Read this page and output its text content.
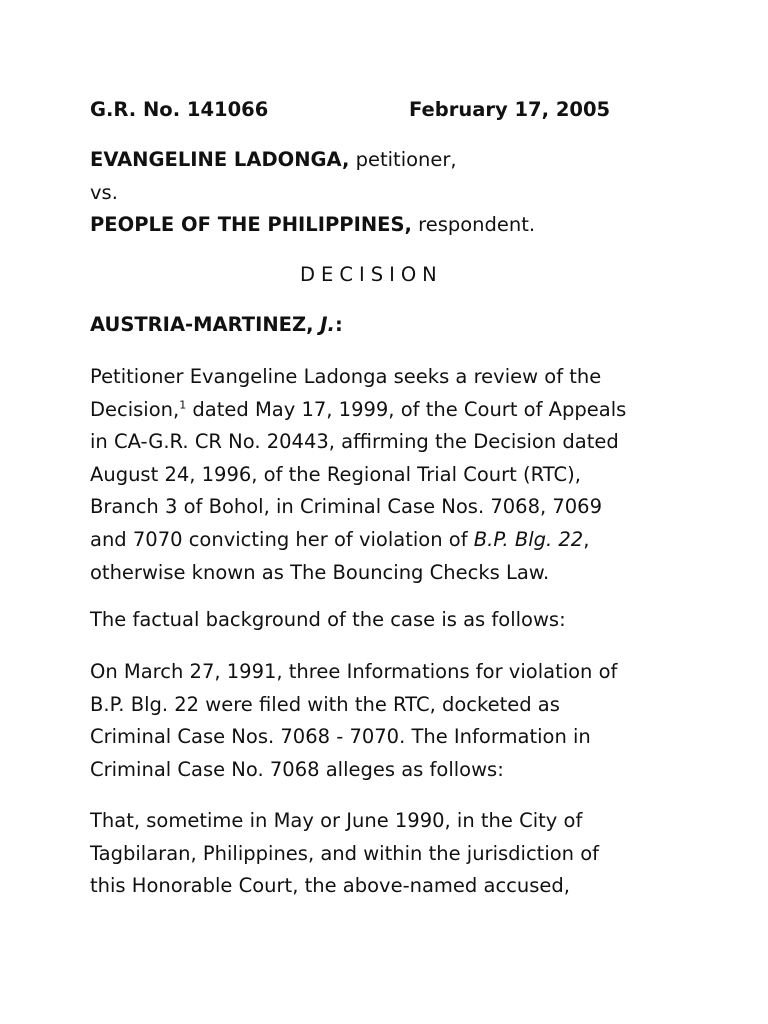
G.R. No. 141066	February 17, 2005
EVANGELINE LADONGA, petitioner,
vs.
PEOPLE OF THE PHILIPPINES, respondent.
DECISION
AUSTRIA-MARTINEZ, J.:
Petitioner Evangeline Ladonga seeks a review of the
Decision,$^1$ dated May 17, 1999, of the Court of Appeals
in CA-G.R. CR No. 20443, affirming the Decision dated
August 24, 1996, of the Regional Trial Court (RTC),
Branch 3 of Bohol, in Criminal Case Nos. 7068, 7069
and 7070 convicting her of violation of B.P. Blg. 22,
otherwise known as The Bouncing Checks Law.
The factual background of the case is as follows:
On March 27, 1991, three Informations for violation of
B.P. Blg. 22 were filed with the RTC, docketed as
Criminal Case Nos. 7068 - 7070. The Information in
Criminal Case No. 7068 alleges as follows:
That, sometime in May or June 1990, in the City of
Tagbilaran, Philippines, and within the jurisdiction of
this Honorable Court, the above-named accused,
